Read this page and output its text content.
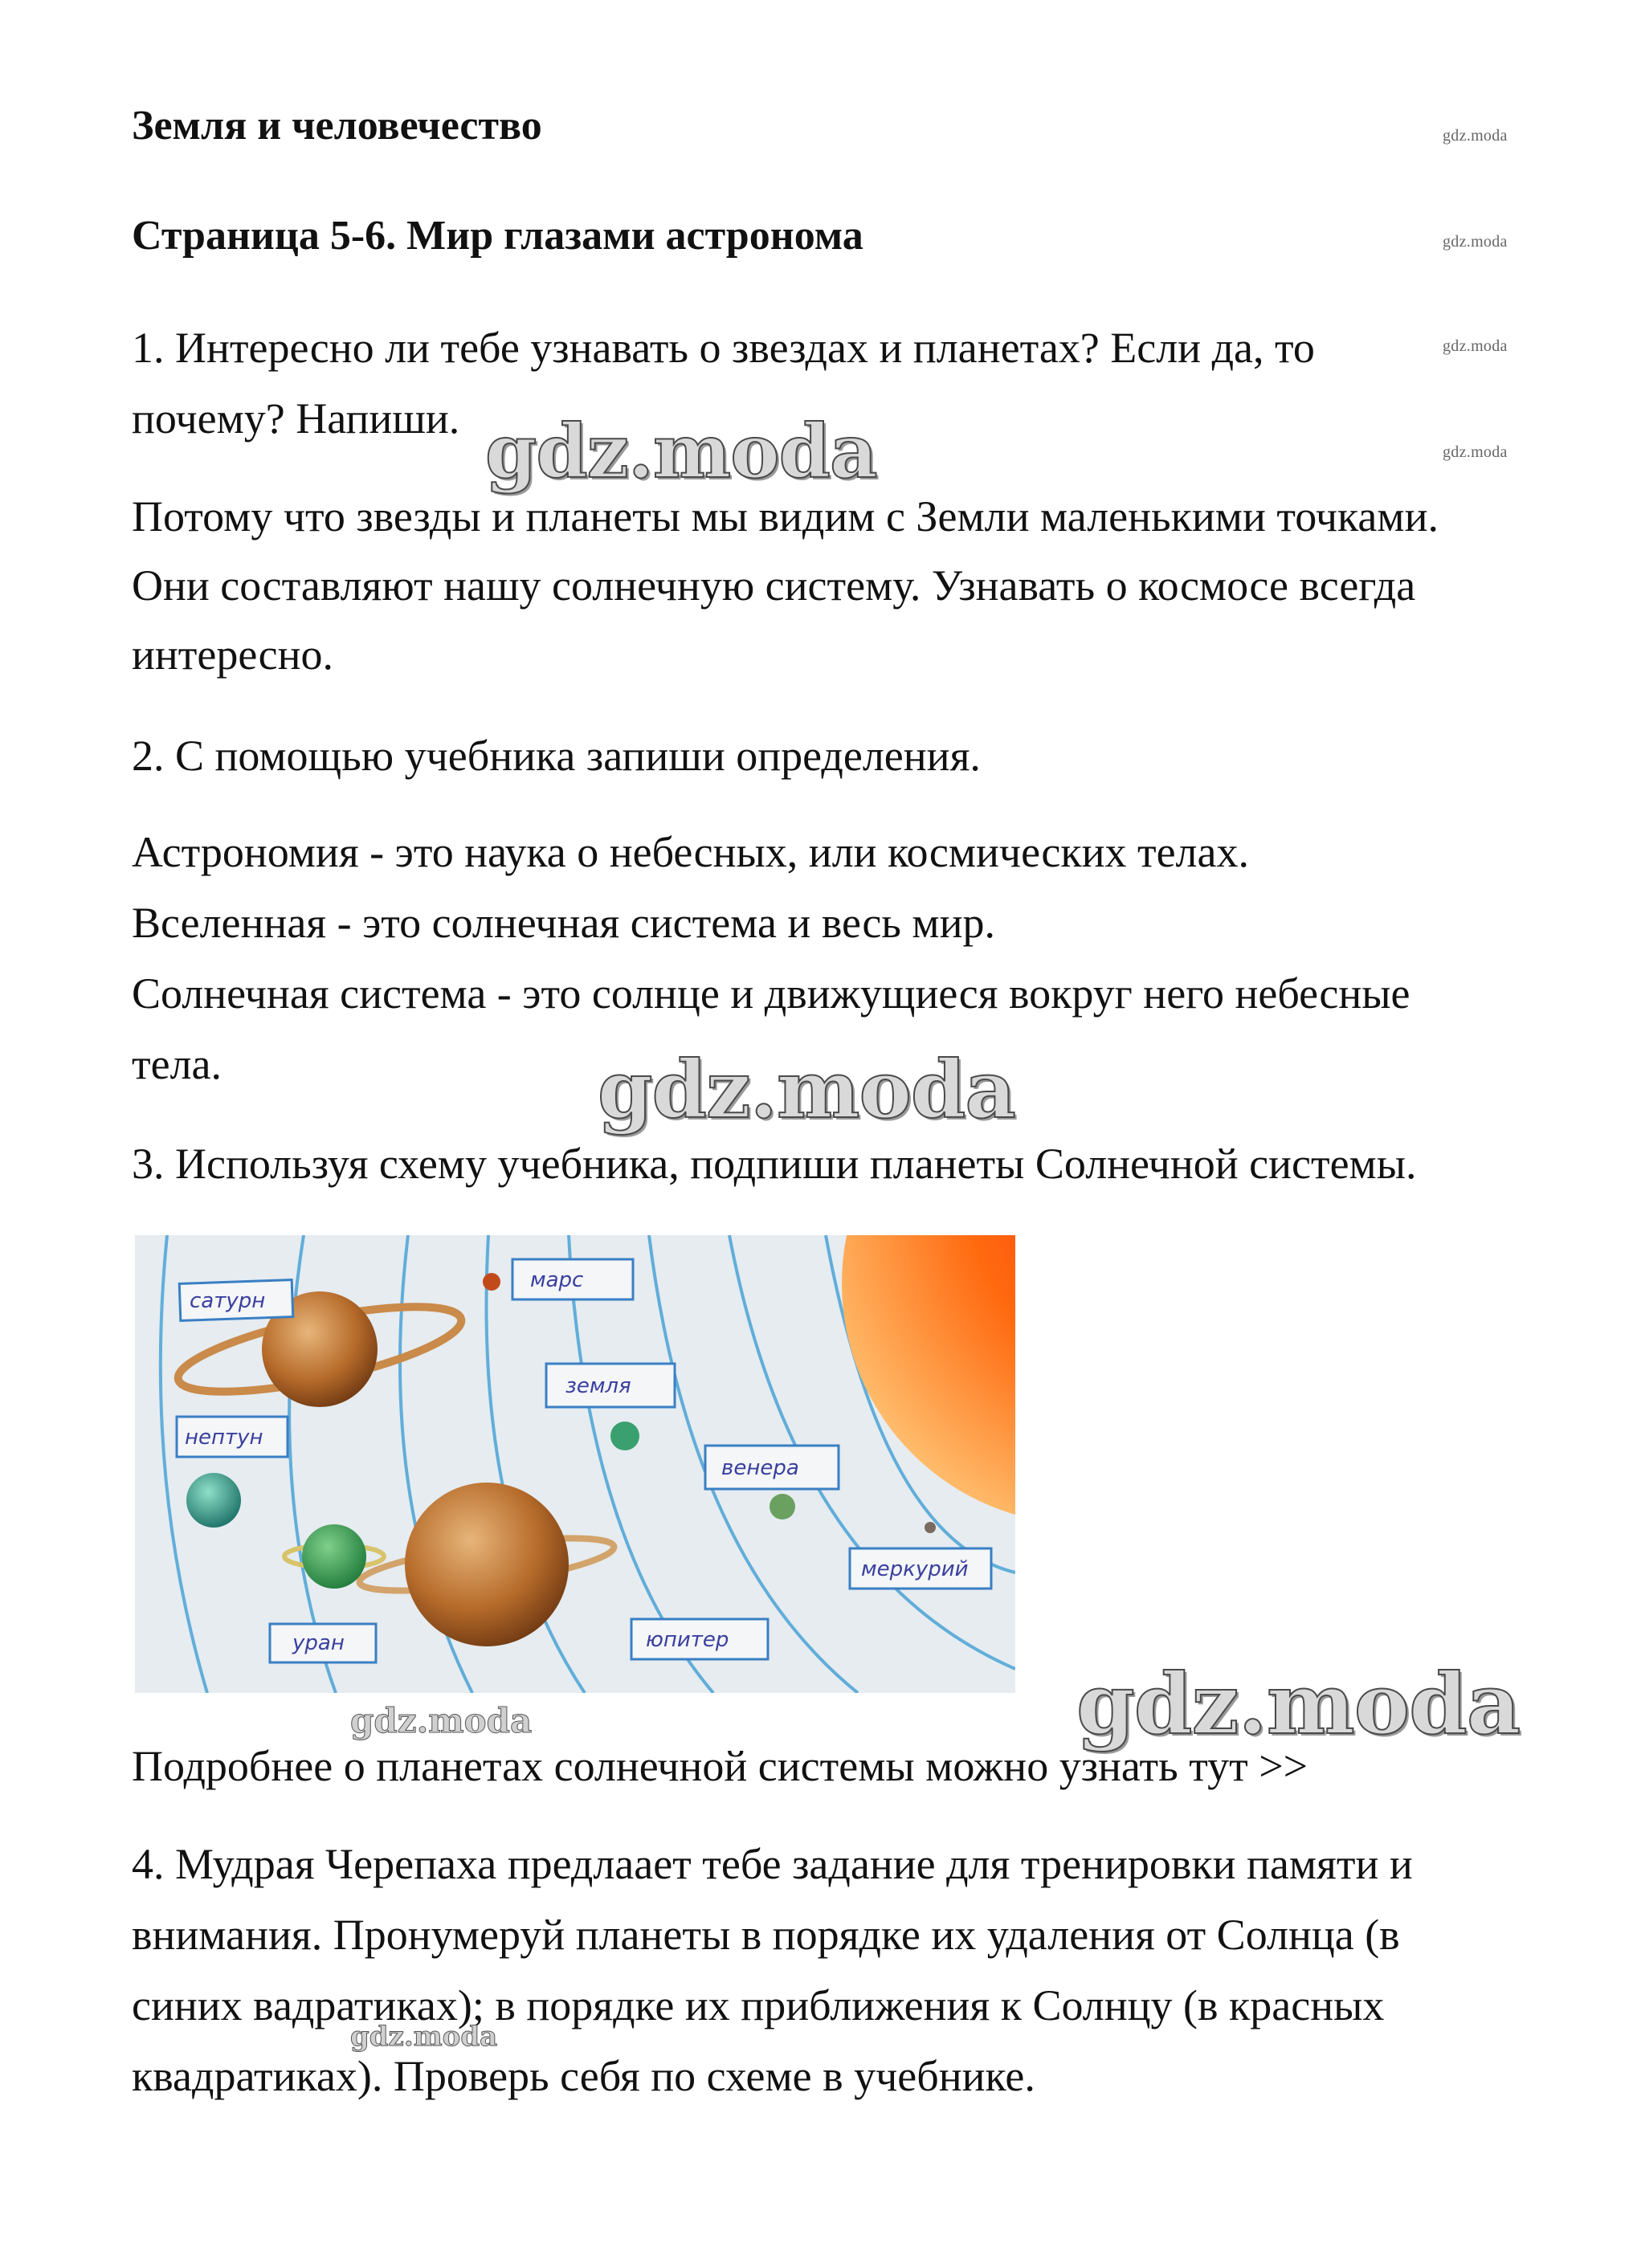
Земля и человечество
Страница 5-6. Мир глазами астронома
gdz.moda
gdz.moda
gdz.moda
gdz.moda
1. Интересно ли тебе узнавать о звездах и планетах? Если да, то
почему? Напиши. gdz.moda
Потому что звезды и планеты мы видим с Земли маленькими точками.
Они составляют нашу солнечную систему. Узнавать о космосе всегда
интересно.
2. С помощью учебника запиши определения.
Астрономия - это наука о небесных, или космических телах.
Вселенная - это солнечная система и весь мир.
Солнечная система - это солнце и движущиеся вокруг него небесные
тела.	gdz.moda
3. Используя схему учебника, подпиши планеты Солнечной системы.
сатурн
марс
земля
нептун
венера
меркурий
уран	юпитер
gdz.moda
gdz.moda
Подробнее о планетах солнечной системы можно узнать тут >>
4. Мудрая Черепаха предлаает тебе задание для тренировки памяти и
внимания. Пронумеруй планеты в порядке их удаления от Солнца (в
синих вадратиках); в порядке их приближения к Солнцу (в красных
gdz.moda
квадратиках). Проверь себя по схеме в учебнике.
